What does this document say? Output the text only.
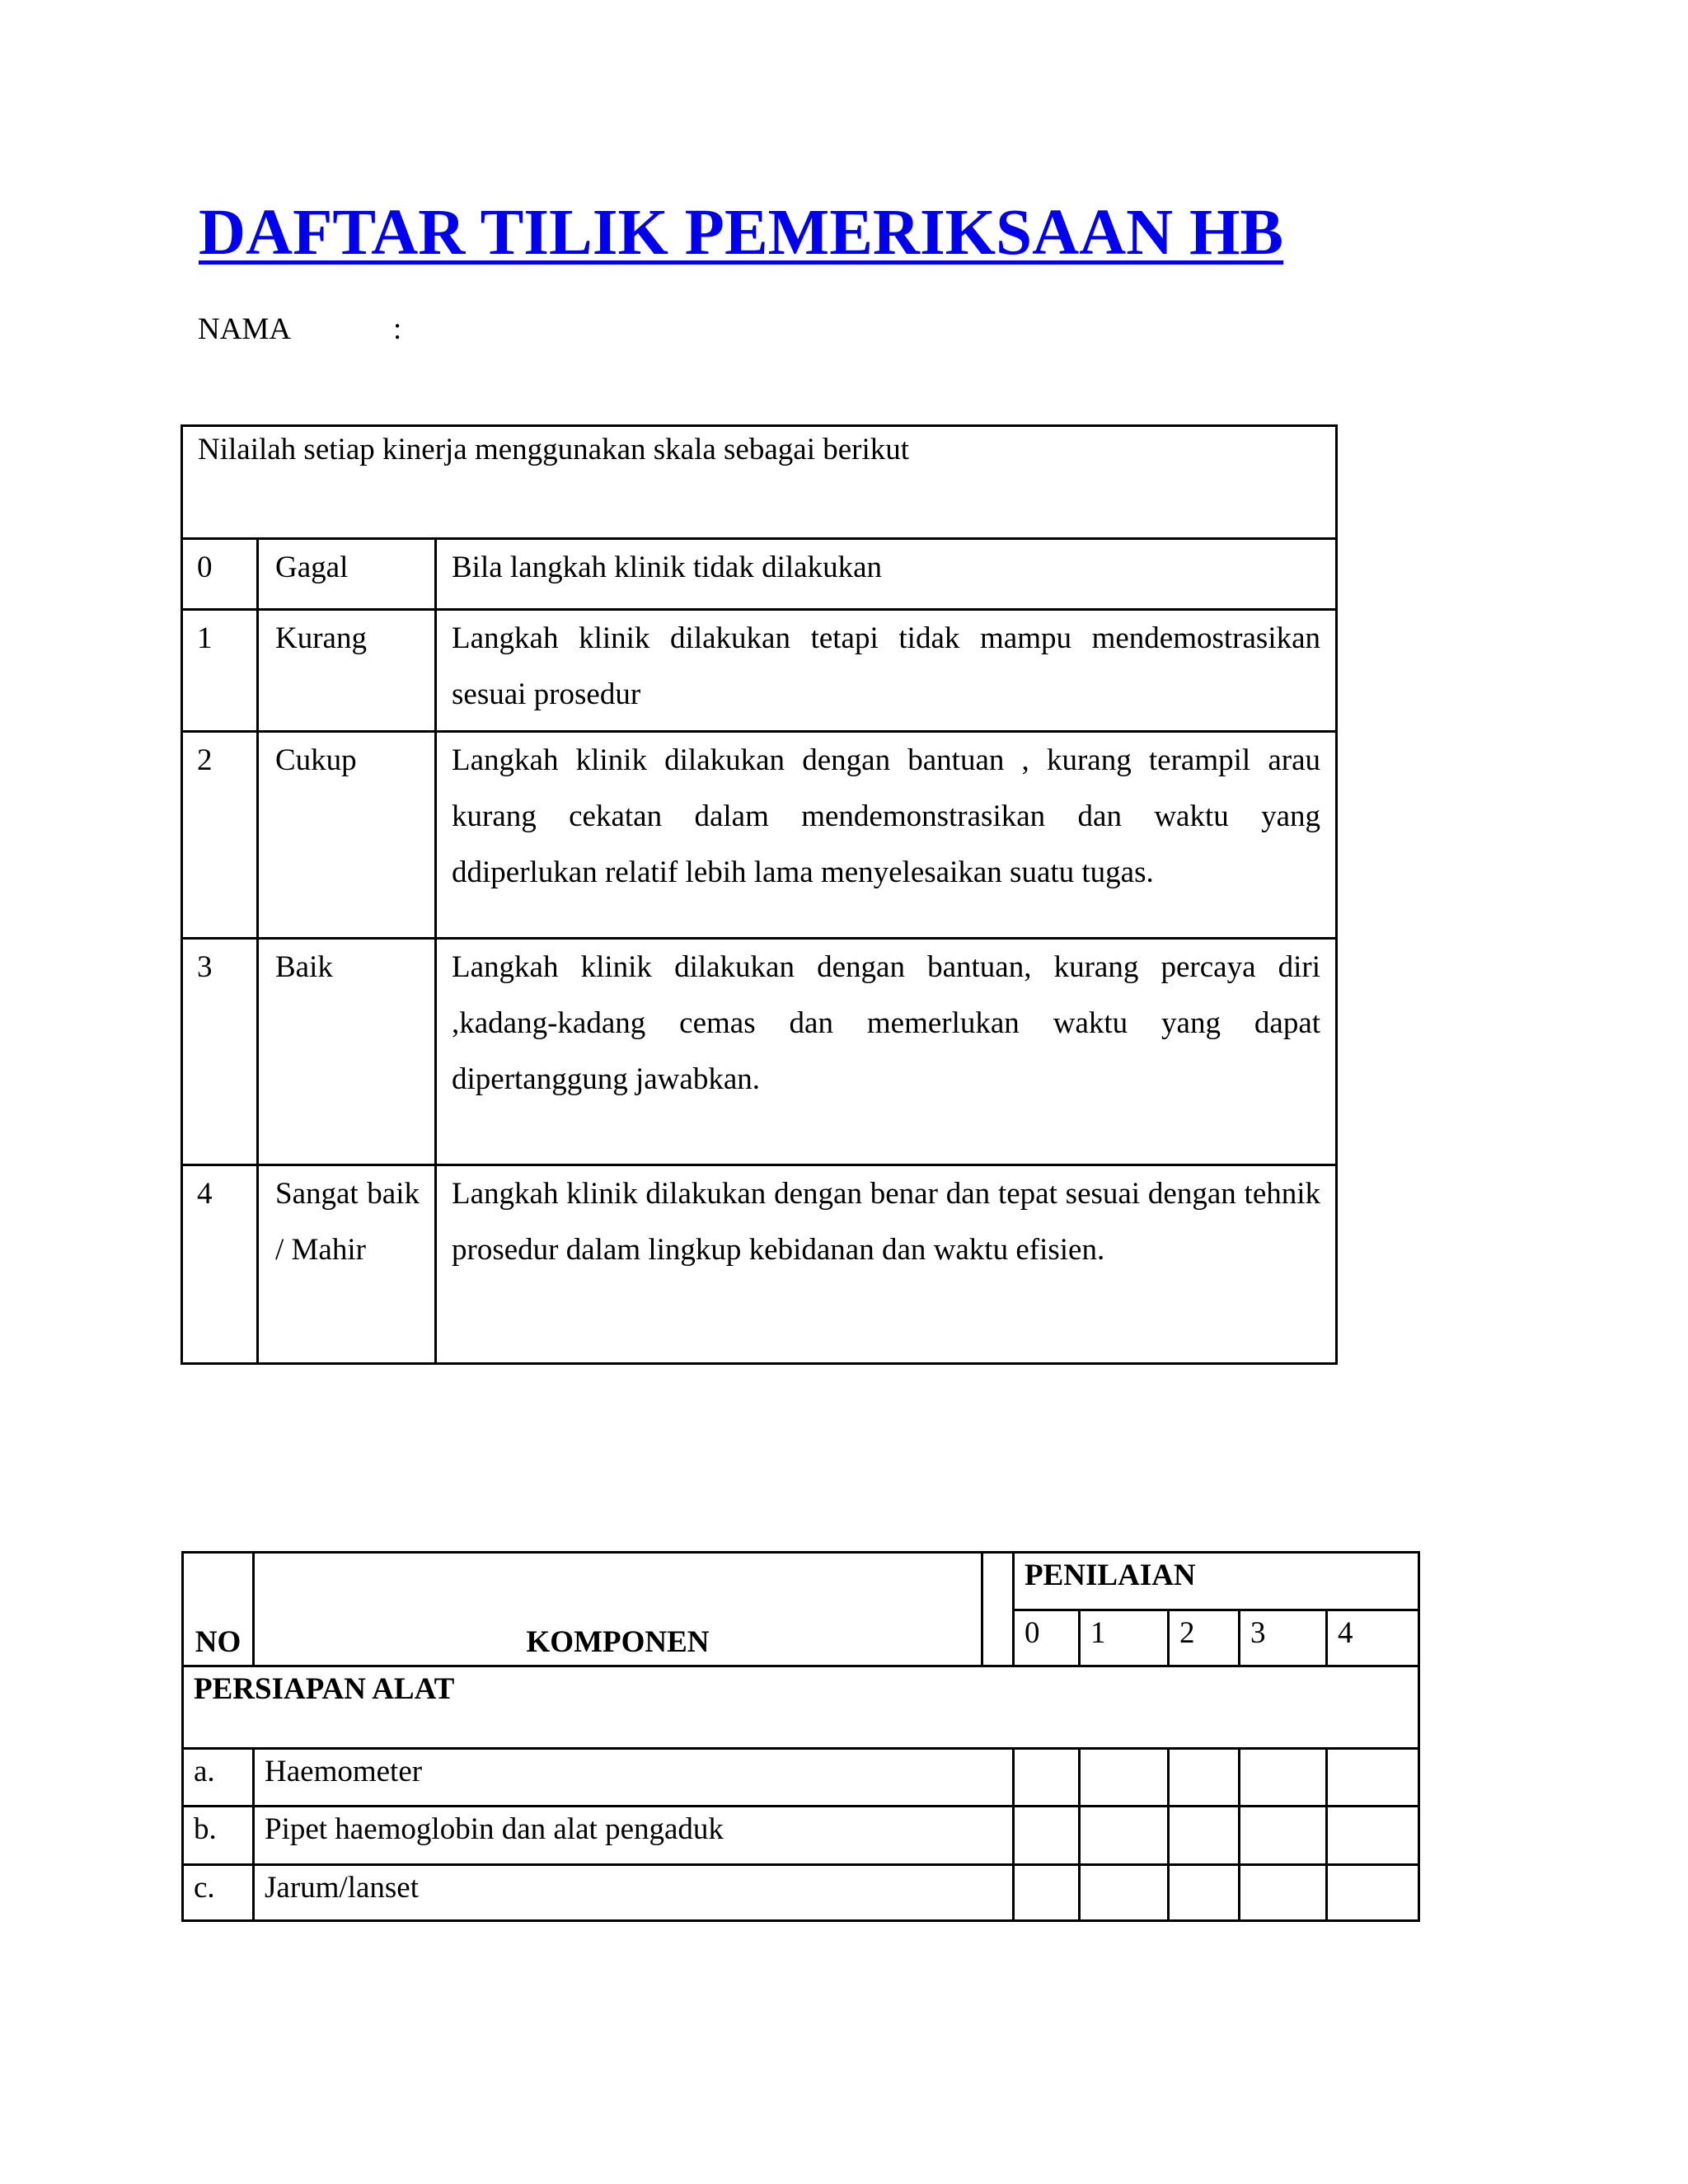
DAFTAR TILIK PEMERIKSAAN HB
NAMA	:
Nilailah setiap kinerja menggunakan skala sebagai berikut		
0	Gagal	Bila langkah klinik tidak dilakukan
1	Kurang	Langkah klinik dilakukan tetapi tidak mampu mendemostrasikan sesuai prosedur
2	Cukup	Langkah klinik dilakukan dengan bantuan , kurang terampil arau kurang cekatan dalam mendemonstrasikan dan waktu yang ddiperlukan relatif lebih lama menyelesaikan suatu tugas.
3	Baik	Langkah klinik dilakukan dengan bantuan, kurang percaya diri ,kadang-kadang cemas dan memerlukan waktu yang dapat dipertanggung jawabkan.
4	Sangat baik / Mahir	Langkah klinik dilakukan dengan benar dan tepat sesuai dengan tehnik prosedur dalam lingkup kebidanan dan waktu efisien.
NO	KOMPONEN		PENILAIAN				
			0	1	2	3	4
PERSIAPAN ALAT							
a.	Haemometer						
b.	Pipet haemoglobin dan alat pengaduk						
c.	Jarum/lanset						
